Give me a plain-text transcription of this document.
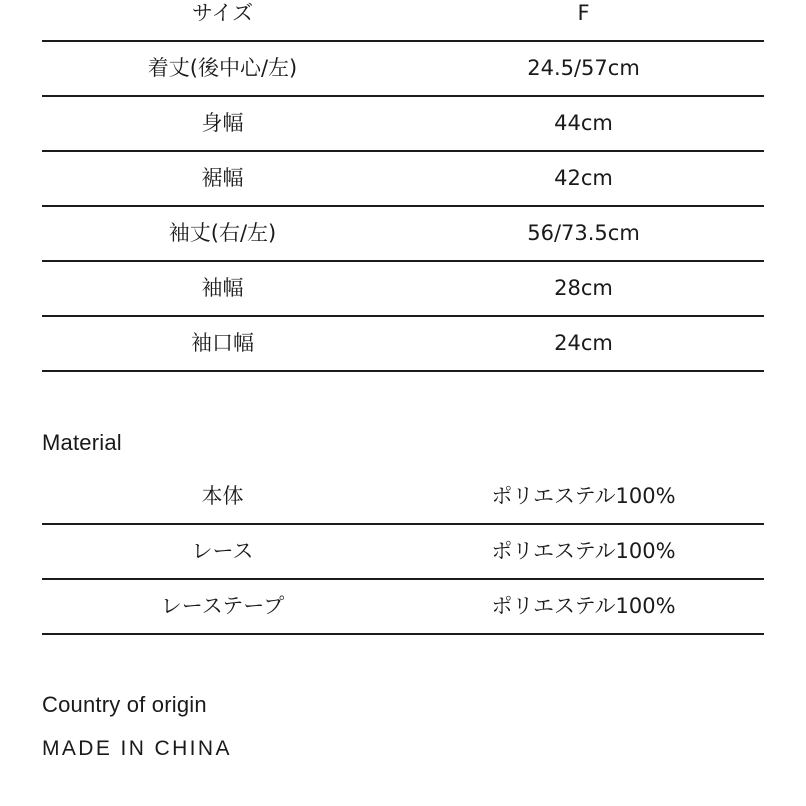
サイズ	F
着丈(後中心/左)	24.5/57cm
身幅	44cm
裾幅	42cm
袖丈(右/左)	56/73.5cm
袖幅	28cm
袖口幅	24cm
Material
本体	ポリエステル100%
レース	ポリエステル100%
レーステープ	ポリエステル100%
Country of origin
MADE IN CHINA
